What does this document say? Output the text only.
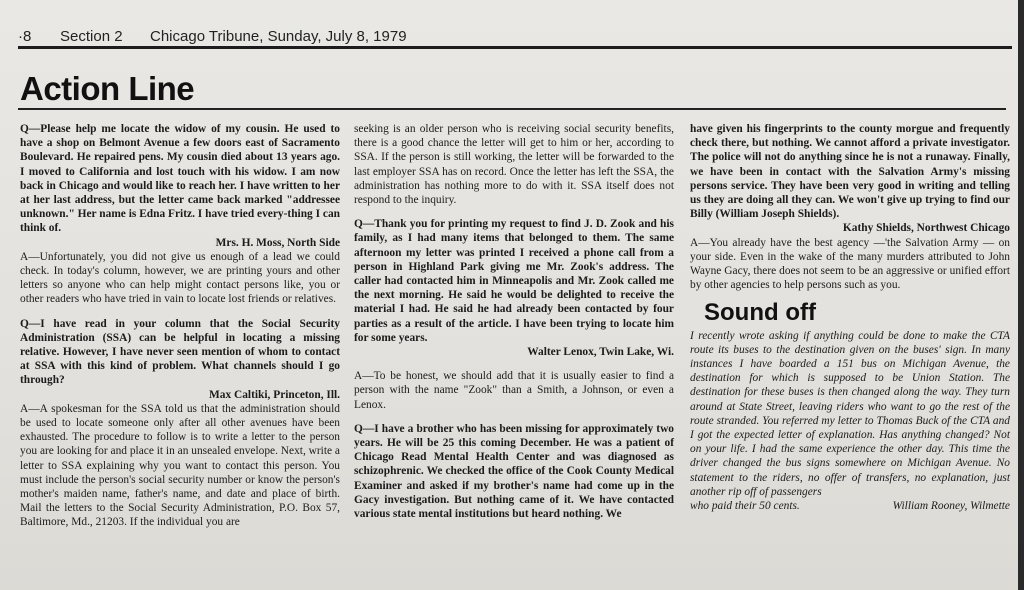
·8	Section 2	Chicago Tribune, Sunday, July 8, 1979
Action Line

Q—Please help me locate the widow of my cousin. He used to have a shop on Belmont Avenue a few doors east of Sacramento Boulevard. He repaired pens. My cousin died about 13 years ago. I moved to California and lost touch with his widow. I am now back in Chicago and would like to reach her. I have written to her at her last address, but the letter came back marked "addressee unknown." Her name is Edna Fritz. I have tried every-thing I can think of.

Mrs. H. Moss, North Side

A—Unfortunately, you did not give us enough of a lead we could check. In today's column, however, we are printing yours and other letters so anyone who can help might contact persons like, you or other readers who have tried in vain to locate lost friends or relatives.

Q—I have read in your column that the Social Security Administration (SSA) can be helpful in locating a missing relative. However, I have never seen mention of whom to contact at SSA with this kind of problem. What channels should I go through?

Max Caltiki, Princeton, Ill.

A—A spokesman for the SSA told us that the administration should be used to locate someone only after all other avenues have been exhausted. The procedure to follow is to write a letter to the person you are looking for and place it in an unsealed envelope. Next, write a letter to SSA explaining why you want to contact this person. You must include the person's social security number or know the person's mother's maiden name, father's name, and date and place of birth. Mail the letters to the Social Security Administration, P.O. Box 57, Baltimore, Md., 21203. If the individual you are

seeking is an older person who is receiving social security benefits, there is a good chance the letter will get to him or her, according to SSA. If the person is still working, the letter will be forwarded to the last employer SSA has on record. Once the letter has left the SSA, the administration has nothing more to do with it. SSA itself does not respond to the inquiry.

Q—Thank you for printing my request to find J. D. Zook and his family, as I had many items that belonged to them. The same afternoon my letter was printed I received a phone call from a person in Highland Park giving me Mr. Zook's address. The caller had contacted him in Minneapolis and Mr. Zook called me the next morning. He said he would be delighted to receive the material I had. He said he had already been contacted by four parties as a result of the article. I have been trying to locate him for some years.

Walter Lenox, Twin Lake, Wi.

A—To be honest, we should add that it is usually easier to find a person with the name "Zook" than a Smith, a Johnson, or even a Lenox.

Q—I have a brother who has been missing for approximately two years. He will be 25 this coming December. He was a patient of Chicago Read Mental Health Center and was diagnosed as schizophrenic. We checked the office of the Cook County Medical Examiner and asked if my brother's name had come up in the Gacy investigation. But nothing came of it. We have contacted various state mental institutions but heard nothing. We

have given his fingerprints to the county morgue and frequently check there, but nothing. We cannot afford a private investigator. The police will not do anything since he is not a runaway. Finally, we have been in contact with the Salvation Army's missing persons service. They have been very good in writing and telling us they are doing all they can. We won't give up trying to find our Billy (William Joseph Shields).

Kathy Shields, Northwest Chicago

A—You already have the best agency —'the Salvation Army — on your side. Even in the wake of the many murders attributed to John Wayne Gacy, there does not seem to be an aggressive or unified effort by other agencies to help persons such as you.

Sound off

I recently wrote asking if anything could be done to make the CTA route its buses to the destination given on the buses' sign. In many instances I have boarded a 151 bus on Michigan Avenue, the destination for which is supposed to be Union Station. The destination for these buses is then changed along the way. They turn around at State Street, leaving riders who want to go the rest of the route stranded. You referred my letter to Thomas Buck of the CTA and I got the expected letter of explanation. Has anything changed? Not on your life. I had the same experience the other day. This time the driver changed the bus signs somewhere on Michigan Avenue. No statement to the riders, no offer of transfers, no explanation, just another rip off of passengers

who paid their 50 cents.	William Rooney, Wilmette
